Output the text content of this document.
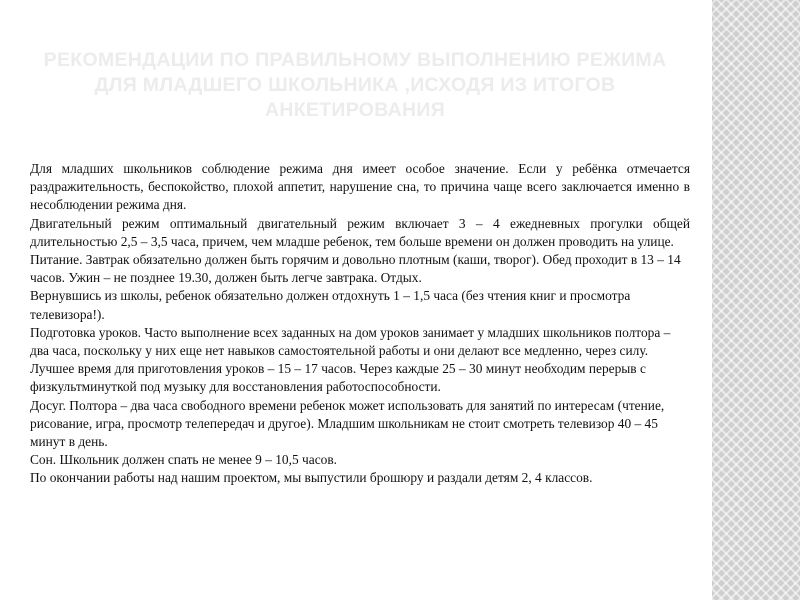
РЕКОМЕНДАЦИИ ПО ПРАВИЛЬНОМУ ВЫПОЛНЕНИЮ РЕЖИМА ДЛЯ МЛАДШЕГО ШКОЛЬНИКА ,ИСХОДЯ ИЗ ИТОГОВ АНКЕТИРОВАНИЯ

Для младших школьников соблюдение режима дня имеет особое значение. Если у ребёнка отмечается раздражительность, беспокойство, плохой аппетит, нарушение сна, то причина чаще всего заключается именно в несоблюдении режима дня.

Двигательный режим оптимальный двигательный режим включает 3 – 4 ежедневных прогулки общей длительностью 2,5 – 3,5 часа, причем, чем младше ребенок, тем больше времени он должен проводить на улице.

Питание. Завтрак обязательно должен быть горячим и довольно плотным (каши, творог). Обед проходит в 13 – 14 часов. Ужин – не позднее 19.30, должен быть легче завтрака. Отдых.

Вернувшись из школы, ребенок обязательно должен отдохнуть 1 – 1,5 часа (без чтения книг и просмотра телевизора!).

Подготовка уроков. Часто выполнение всех заданных на дом уроков занимает у младших школьников полтора – два часа, поскольку у них еще нет навыков самостоятельной работы и они делают все медленно, через силу. Лучшее время для приготовления уроков – 15 – 17 часов. Через каждые 25 – 30 минут необходим перерыв с физкультминуткой под музыку для восстановления работоспособности.

Досуг. Полтора – два часа свободного времени ребенок может использовать для занятий по интересам (чтение, рисование, игра, просмотр телепередач и другое). Младшим школьникам не стоит смотреть телевизор 40 – 45 минут в день.

Сон. Школьник должен спать не менее 9 – 10,5 часов.

По окончании работы над нашим проектом, мы выпустили брошюру и раздали детям 2, 4 классов.
